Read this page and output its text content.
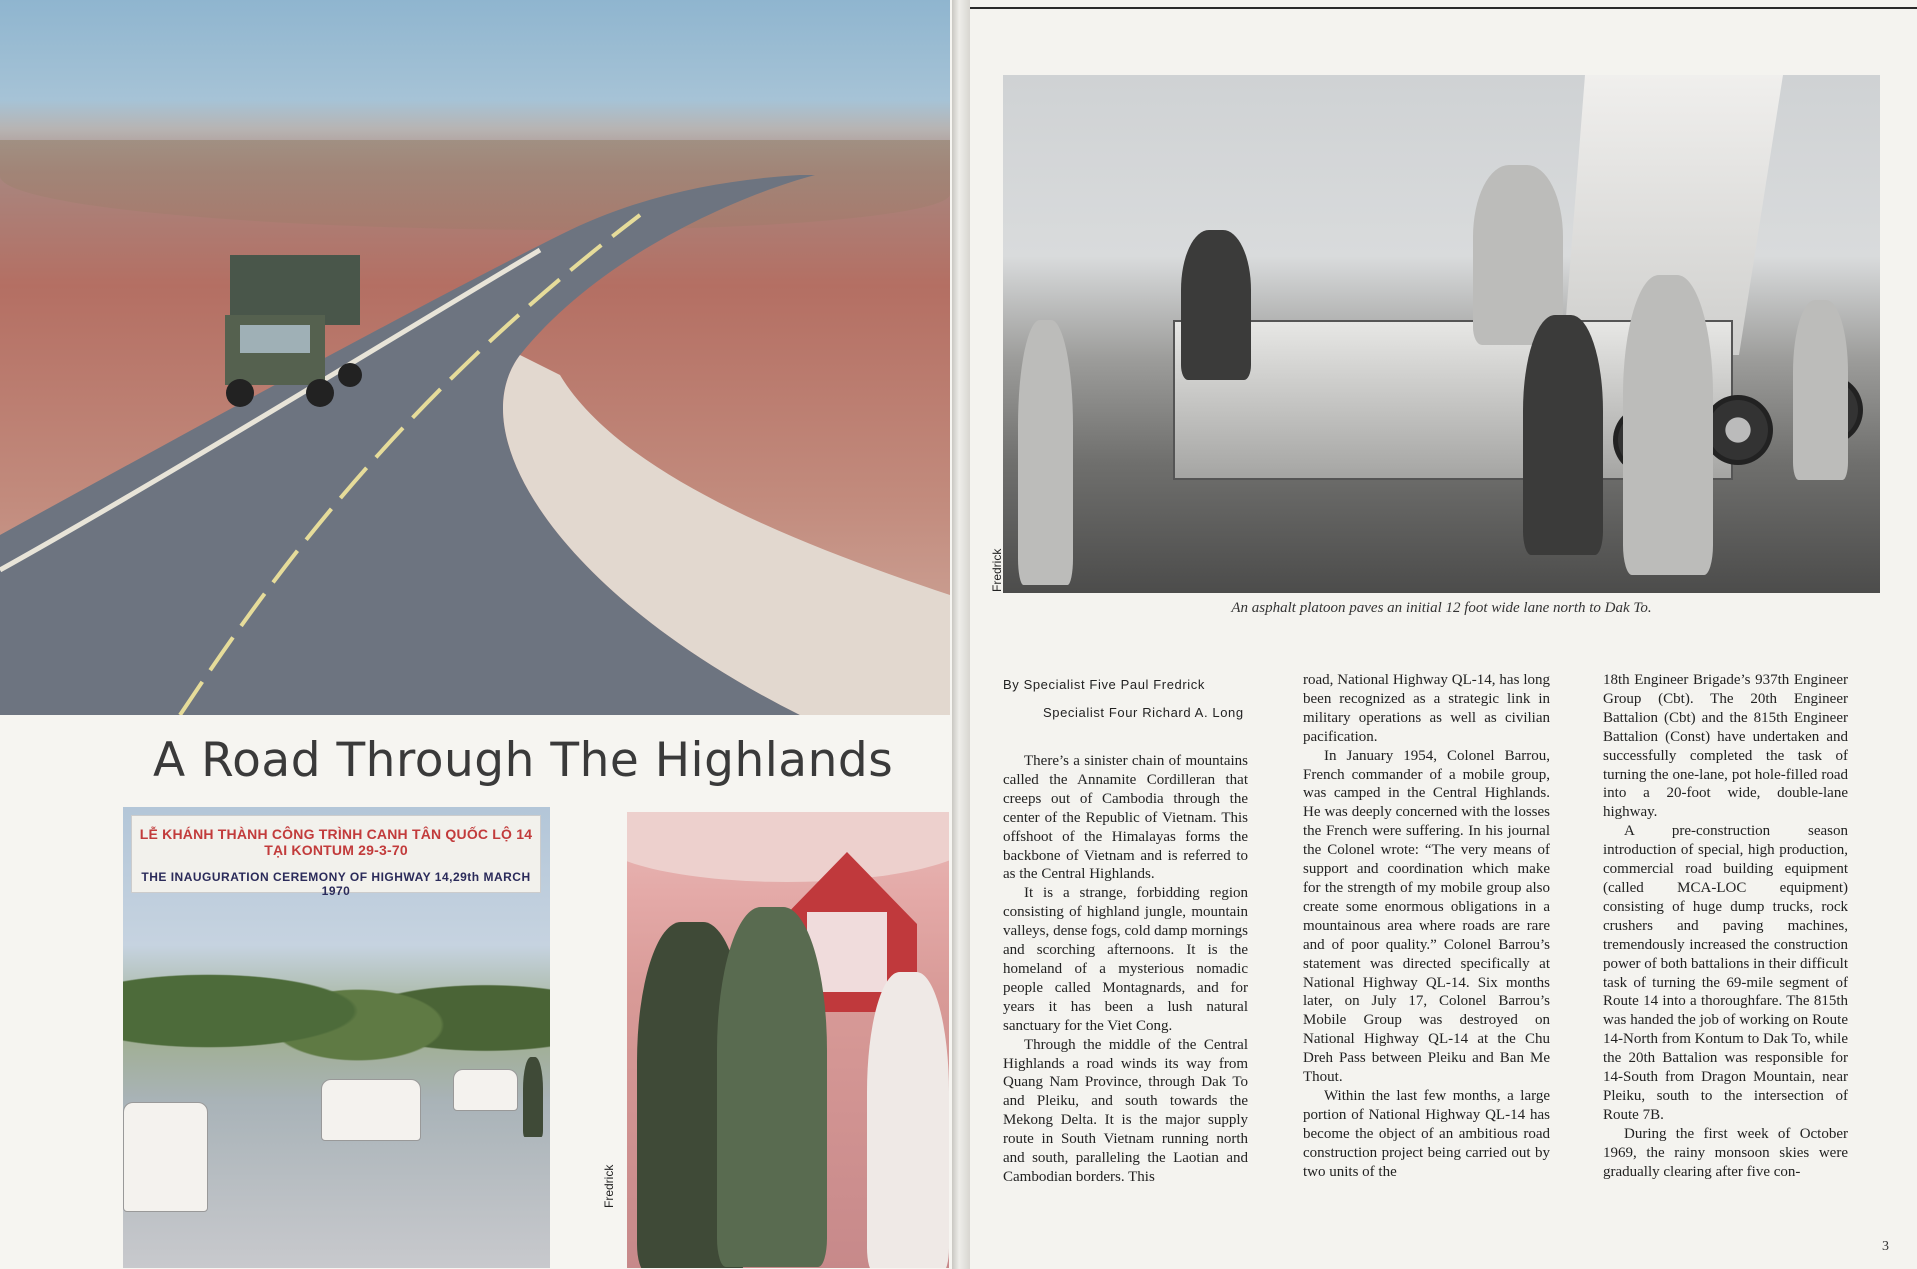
A Road Through The Highlands
LỄ KHÁNH THÀNH CÔNG TRÌNH CANH TÂN QUỐC LỘ 14 TẠI KONTUM 29-3-70
THE INAUGURATION CEREMONY OF HIGHWAY 14,29th MARCH 1970
Fredrick
Fredrick
An asphalt platoon paves an initial 12 foot wide lane north to Dak To.
By Specialist Five Paul Fredrick
Specialist Four Richard A. Long

There’s a sinister chain of mountains called the Annamite Cordilleran that creeps out of Cambodia through the center of the Republic of Vietnam. This offshoot of the Himalayas forms the backbone of Vietnam and is referred to as the Central Highlands.

It is a strange, forbidding region consisting of highland jungle, mountain valleys, dense fogs, cold damp mornings and scorching afternoons. It is the homeland of a mysterious nomadic people called Montagnards, and for years it has been a lush natural sanctuary for the Viet Cong.

Through the middle of the Central Highlands a road winds its way from Quang Nam Province, through Dak To and Pleiku, and south towards the Mekong Delta. It is the major supply route in South Vietnam running north and south, paralleling the Laotian and Cambodian borders. This

road, National Highway QL-14, has long been recognized as a strategic link in military operations as well as civilian pacification.

In January 1954, Colonel Barrou, French commander of a mobile group, was camped in the Central Highlands. He was deeply concerned with the losses the French were suffering. In his journal the Colonel wrote: “The very means of support and coordination which make for the strength of my mobile group also create some enormous obligations in a mountainous area where roads are rare and of poor quality.” Colonel Barrou’s statement was directed specifically at National Highway QL-14. Six months later, on July 17, Colonel Barrou’s Mobile Group was destroyed on National Highway QL-14 at the Chu Dreh Pass between Pleiku and Ban Me Thout.

Within the last few months, a large portion of National Highway QL-14 has become the object of an ambitious road construction project being carried out by two units of the

18th Engineer Brigade’s 937th Engineer Group (Cbt). The 20th Engineer Battalion (Cbt) and the 815th Engineer Battalion (Const) have undertaken and successfully completed the task of turning the one-lane, pot hole-filled road into a 20-foot wide, double-lane highway.

A pre-construction season introduction of special, high production, commercial road building equipment (called MCA-LOC equipment) consisting of huge dump trucks, rock crushers and paving machines, tremendously increased the construction power of both battalions in their difficult task of turning the 69-mile segment of Route 14 into a thoroughfare. The 815th was handed the job of working on Route 14-North from Kontum to Dak To, while the 20th Battalion was responsible for 14-South from Dragon Mountain, near Pleiku, south to the intersection of Route 7B.

During the first week of October 1969, the rainy monsoon skies were gradually clearing after five con-

3
